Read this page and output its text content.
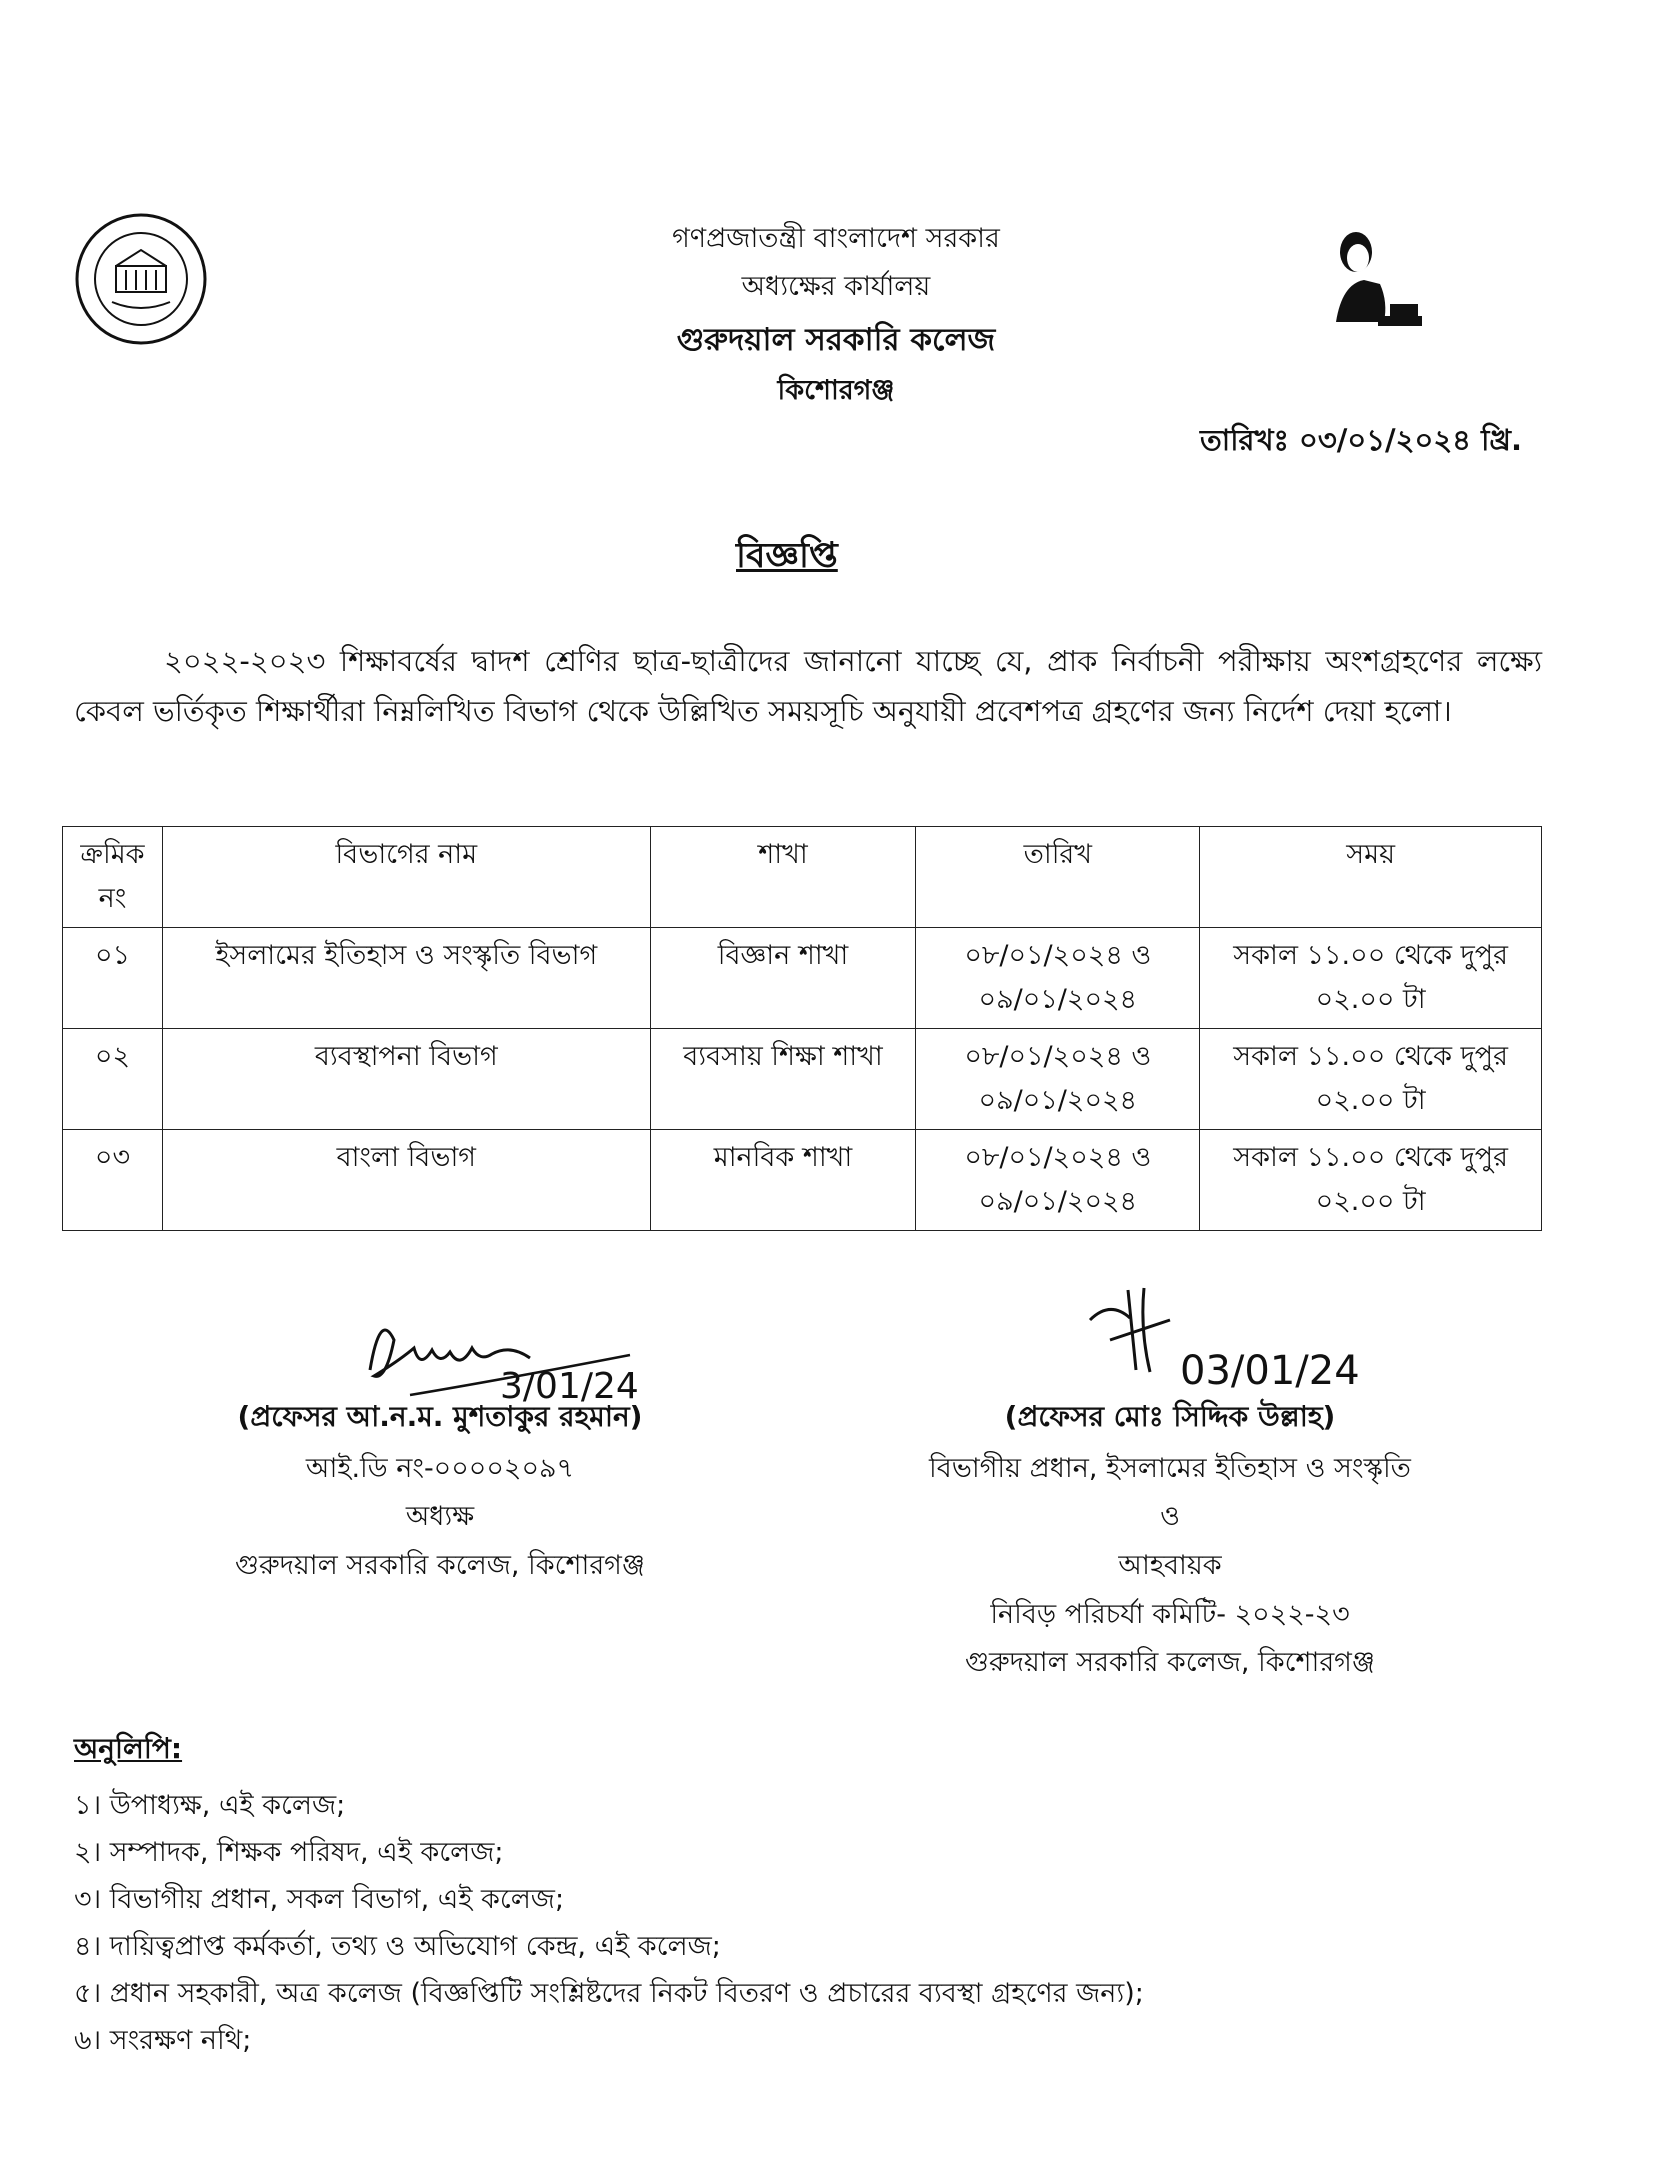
গণপ্রজাতন্ত্রী বাংলাদেশ সরকার
অধ্যক্ষের কার্যালয়
গুরুদয়াল সরকারি কলেজ
কিশোরগঞ্জ
তারিখঃ ০৩/০১/২০২৪ খ্রি.
বিজ্ঞপ্তি
২০২২-২০২৩ শিক্ষাবর্ষের দ্বাদশ শ্রেণির ছাত্র-ছাত্রীদের জানানো যাচ্ছে যে, প্রাক নির্বাচনী পরীক্ষায় অংশগ্রহণের লক্ষ্যে কেবল ভর্তিকৃত শিক্ষার্থীরা নিম্নলিখিত বিভাগ থেকে উল্লিখিত সময়সূচি অনুযায়ী প্রবেশপত্র গ্রহণের জন্য নির্দেশ দেয়া হলো।
ক্রমিক নং	বিভাগের নাম	শাখা	তারিখ	সময়
০১	ইসলামের ইতিহাস ও সংস্কৃতি বিভাগ	বিজ্ঞান শাখা	০৮/০১/২০২৪ ও ০৯/০১/২০২৪	সকাল ১১.০০ থেকে দুপুর ০২.০০ টা
০২	ব্যবস্থাপনা বিভাগ	ব্যবসায় শিক্ষা শাখা	০৮/০১/২০২৪ ও ০৯/০১/২০২৪	সকাল ১১.০০ থেকে দুপুর ০২.০০ টা
০৩	বাংলা বিভাগ	মানবিক শাখা	০৮/০১/২০২৪ ও ০৯/০১/২০২৪	সকাল ১১.০০ থেকে দুপুর ০২.০০ টা
3/01/24	03/01/24
(প্রফেসর আ.ন.ম. মুশতাকুর রহমান)
আই.ডি নং-০০০০২০৯৭
অধ্যক্ষ
গুরুদয়াল সরকারি কলেজ, কিশোরগঞ্জ
(প্রফেসর মোঃ সিদ্দিক উল্লাহ)
বিভাগীয় প্রধান, ইসলামের ইতিহাস ও সংস্কৃতি
ও
আহবায়ক
নিবিড় পরিচর্যা কমিটি- ২০২২-২৩
গুরুদয়াল সরকারি কলেজ, কিশোরগঞ্জ
অনুলিপি:
১। উপাধ্যক্ষ, এই কলেজ;
২। সম্পাদক, শিক্ষক পরিষদ, এই কলেজ;
৩। বিভাগীয় প্রধান, সকল বিভাগ, এই কলেজ;
৪। দায়িত্বপ্রাপ্ত কর্মকর্তা, তথ্য ও অভিযোগ কেন্দ্র, এই কলেজ;
৫। প্রধান সহকারী, অত্র কলেজ (বিজ্ঞপ্তিটি সংশ্লিষ্টদের নিকট বিতরণ ও প্রচারের ব্যবস্থা গ্রহণের জন্য);
৬। সংরক্ষণ নথি;
